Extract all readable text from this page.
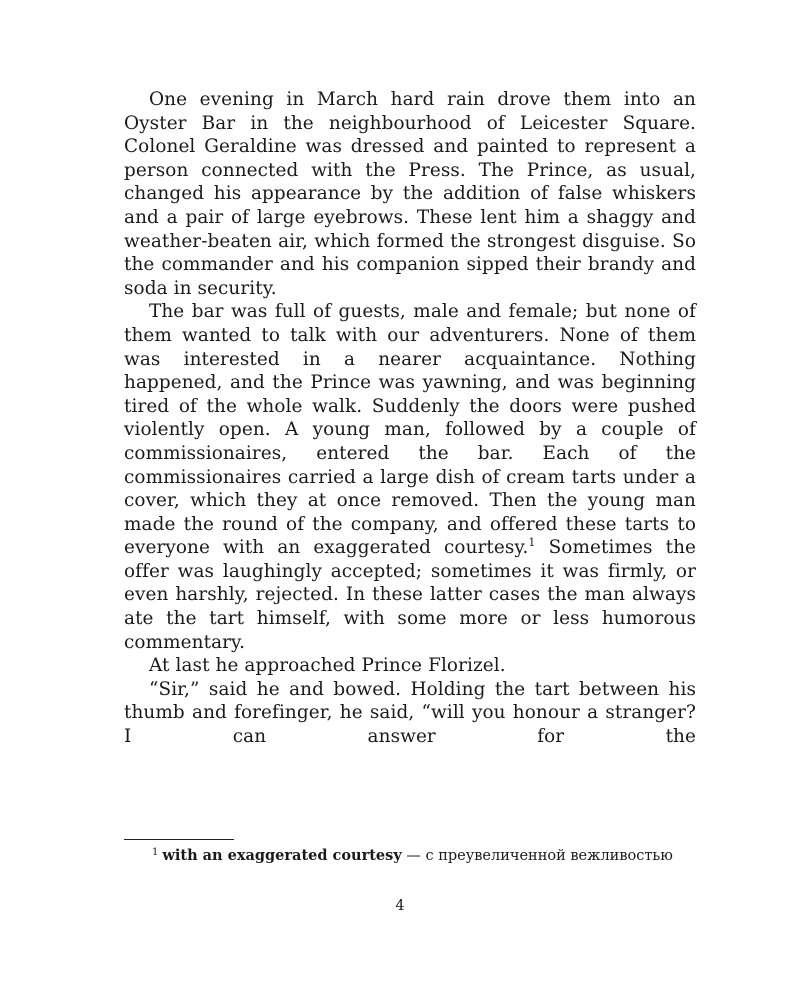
One evening in March hard rain drove them into an Oyster Bar in the neighbourhood of Leicester Square. Colonel Geraldine was dressed and painted to represent a person connected with the Press. The Prince, as usual, changed his appearance by the addition of false whiskers and a pair of large eyebrows. These lent him a shaggy and weather-beaten air, which formed the strongest disguise. So the commander and his companion sipped their brandy and soda in security.

The bar was full of guests, male and female; but none of them wanted to talk with our adventurers. None of them was interested in a nearer acquaintance. Nothing happened, and the Prince was yawning, and was beginning tired of the whole walk. Suddenly the doors were pushed violently open. A young man, followed by a couple of commissionaires, entered the bar. Each of the commissionaires carried a large dish of cream tarts under a cover, which they at once removed. Then the young man made the round of the company, and offered these tarts to everyone with an exaggerated courtesy.$^1$ Sometimes the offer was laughingly accepted; sometimes it was firmly, or even harshly, rejected. In these latter cases the man always ate the tart himself, with some more or less humorous commentary.

At last he approached Prince Florizel.

“Sir,” said he and bowed. Holding the tart between his thumb and forefinger, he said, “will you honour a stranger? I can answer for the

$^1$ with an exaggerated courtesy — с преувеличенной вежливостью
4
